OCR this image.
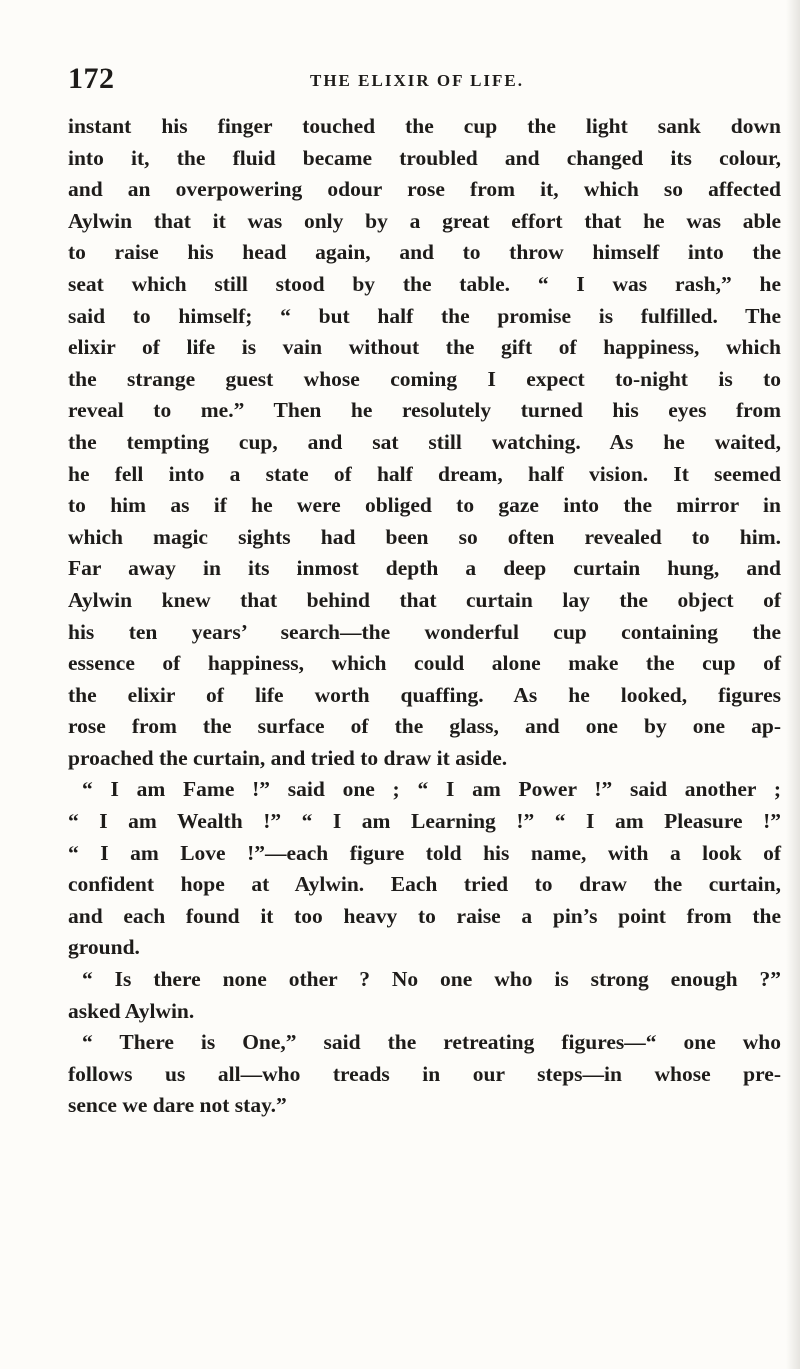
172	THE ELIXIR OF LIFE.
instant his finger touched the cup the light sank down
into it, the fluid became troubled and changed its colour,
and an overpowering odour rose from it, which so affected
Aylwin that it was only by a great effort that he was able
to raise his head again, and to throw himself into the
seat which still stood by the table. “ I was rash,” he
said to himself; “ but half the promise is fulfilled. The
elixir of life is vain without the gift of happiness, which
the strange guest whose coming I expect to-night is to
reveal to me.” Then he resolutely turned his eyes from
the tempting cup, and sat still watching. As he waited,
he fell into a state of half dream, half vision. It seemed
to him as if he were obliged to gaze into the mirror in
which magic sights had been so often revealed to him.
Far away in its inmost depth a deep curtain hung, and
Aylwin knew that behind that curtain lay the object of
his ten years’ search—the wonderful cup containing the
essence of happiness, which could alone make the cup of
the elixir of life worth quaffing. As he looked, figures
rose from the surface of the glass, and one by one ap-
proached the curtain, and tried to draw it aside.
“ I am Fame !” said one ; “ I am Power !” said another ;
“ I am Wealth !” “ I am Learning !” “ I am Pleasure !”
“ I am Love !”—each figure told his name, with a look of
confident hope at Aylwin. Each tried to draw the curtain,
and each found it too heavy to raise a pin’s point from the
ground.
“ Is there none other ? No one who is strong enough ?”
asked Aylwin.
“ There is One,” said the retreating figures—“ one who
follows us all—who treads in our steps—in whose pre-
sence we dare not stay.”
